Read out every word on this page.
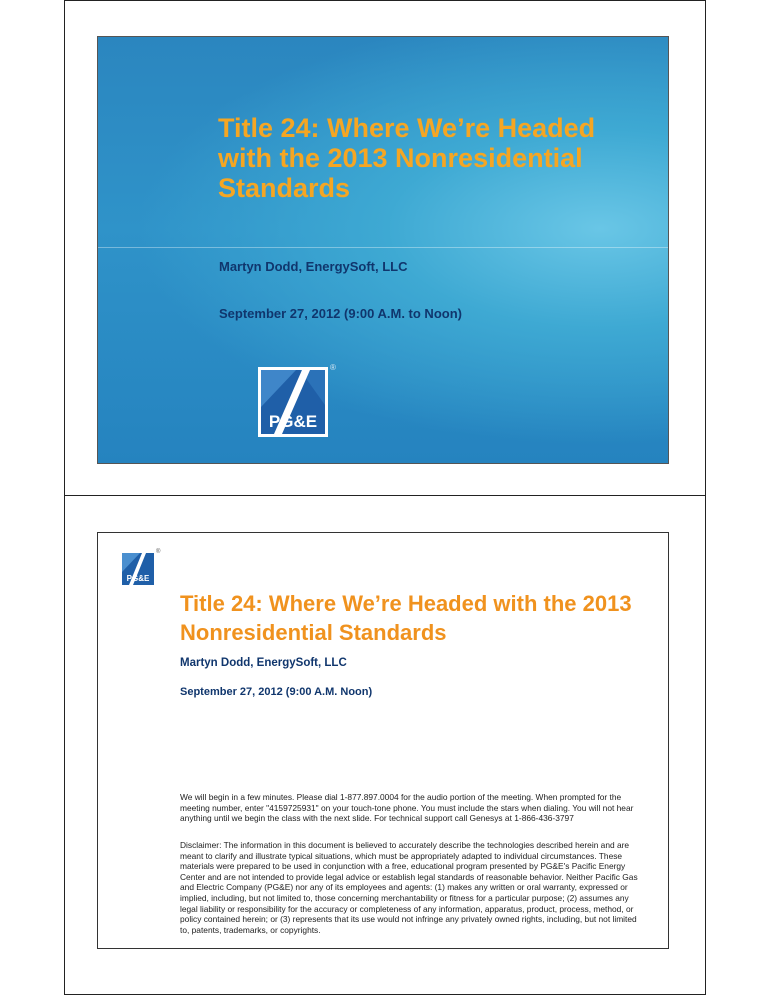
Title 24: Where We’re Headed with the 2013 Nonresidential Standards
Martyn Dodd, EnergySoft, LLC
September 27, 2012 (9:00 A.M. to Noon)
PG&E
®
PG&E
®
Title 24: Where We’re Headed with the 2013 Nonresidential Standards
Martyn Dodd, EnergySoft, LLC
September 27, 2012 (9:00 A.M. Noon)

We will begin in a few minutes. Please dial 1-877.897.0004 for the audio portion of the meeting. When prompted for the meeting number, enter "4159725931" on your touch-tone phone. You must include the stars when dialing. You will not hear anything until we begin the class with the next slide. For technical support call Genesys at 1-866-436-3797

Disclaimer: The information in this document is believed to accurately describe the technologies described herein and are meant to clarify and illustrate typical situations, which must be appropriately adapted to individual circumstances. These materials were prepared to be used in conjunction with a free, educational program presented by PG&E's Pacific Energy Center and are not intended to provide legal advice or establish legal standards of reasonable behavior. Neither Pacific Gas and Electric Company (PG&E) nor any of its employees and agents: (1) makes any written or oral warranty, expressed or implied, including, but not limited to, those concerning merchantability or fitness for a particular purpose; (2) assumes any legal liability or responsibility for the accuracy or completeness of any information, apparatus, product, process, method, or policy contained herein; or (3) represents that its use would not infringe any privately owned rights, including, but not limited to, patents, trademarks, or copyrights.
